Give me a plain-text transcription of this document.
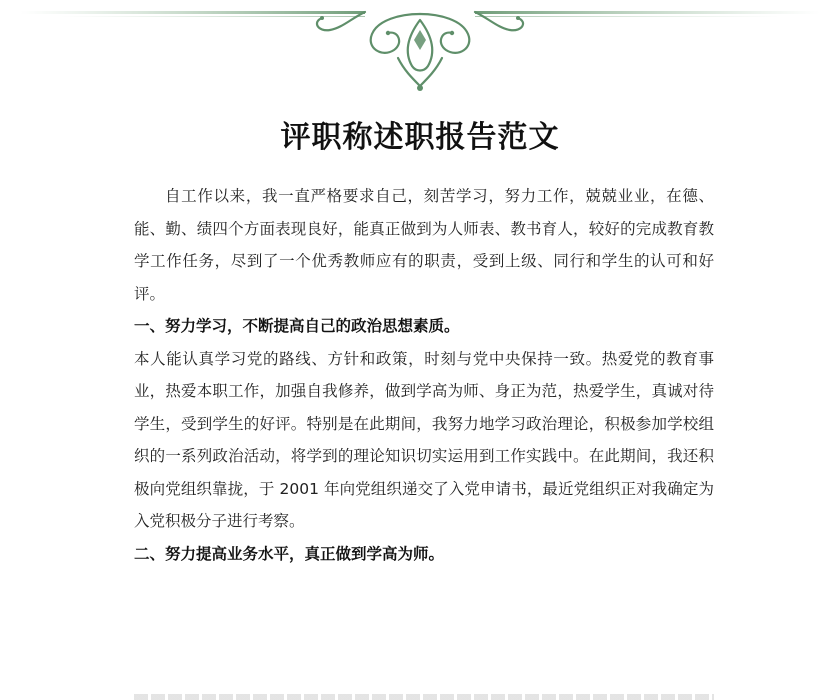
评职称述职报告范文

自工作以来，我一直严格要求自己，刻苦学习，努力工作，兢兢业业，在德、能、勤、绩四个方面表现良好，能真正做到为人师表、教书育人，较好的完成教育教学工作任务，尽到了一个优秀教师应有的职责，受到上级、同行和学生的认可和好评。

一、努力学习，不断提高自己的政治思想素质。

本人能认真学习党的路线、方针和政策，时刻与党中央保持一致。热爱党的教育事业，热爱本职工作，加强自我修养，做到学高为师、身正为范，热爱学生，真诚对待学生，受到学生的好评。特别是在此期间，我努力地学习政治理论，积极参加学校组织的一系列政治活动，将学到的理论知识切实运用到工作实践中。在此期间，我还积极向党组织靠拢，于 2001 年向党组织递交了入党申请书，最近党组织正对我确定为入党积极分子进行考察。

二、努力提高业务水平，真正做到学高为师。
